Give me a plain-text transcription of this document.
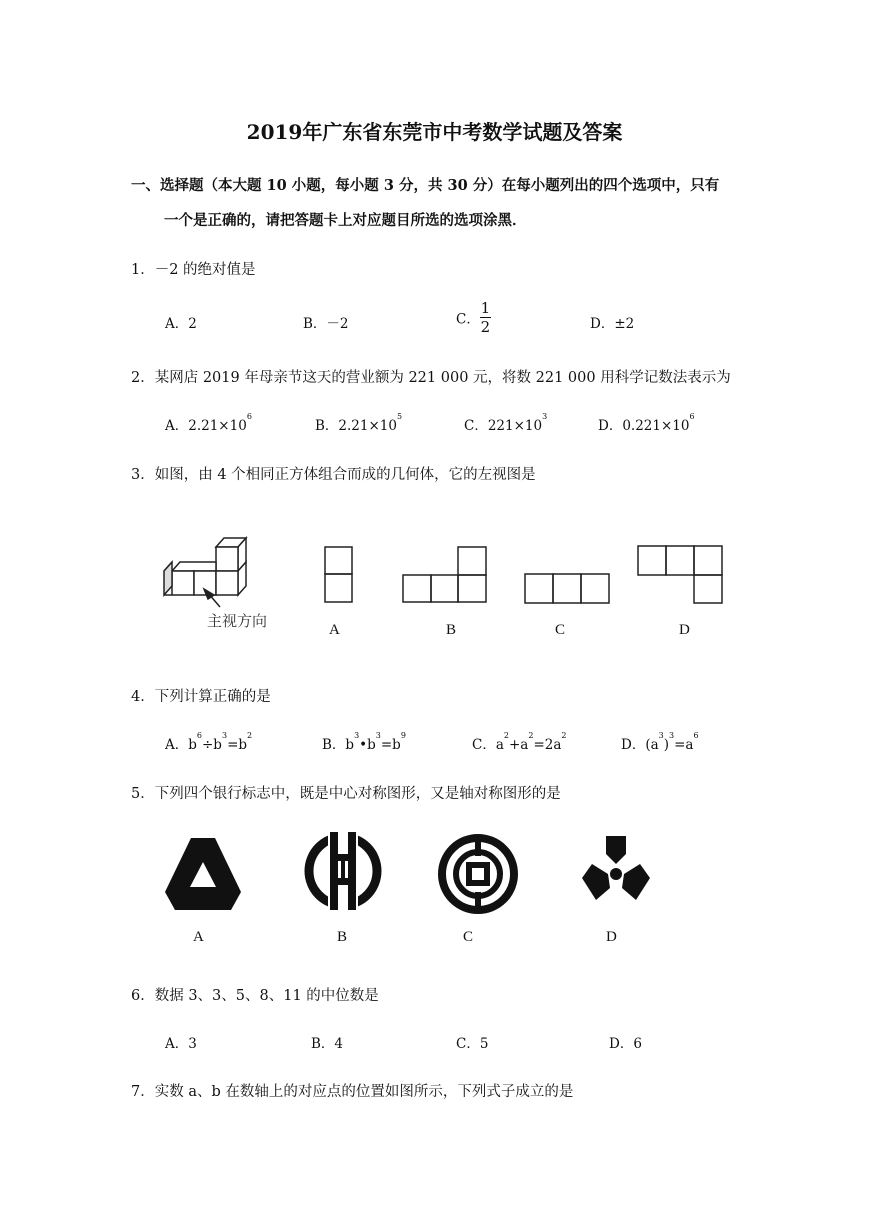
2019年广东省东莞市中考数学试题及答案
一、选择题（本大题 10 小题，每小题 3 分，共 30 分）在每小题列出的四个选项中，只有
一个是正确的，请把答题卡上对应题目所选的选项涂黑．
1．－2 的绝对值是
A．2	B．－2	C． $\frac{1}{2}$	D．±2
2．某网店 2019 年母亲节这天的营业额为 221 000 元，将数 221 000 用科学记数法表示为
A．$2.21\times 10^6$
B．$2.21\times 10^5$
C．$221\times 10^3$
D．$0.221\times 10^6$
3．如图，由 4 个相同正方体组合而成的几何体，它的左视图是
主视方向	A	B	C	D
4．下列计算正确的是
A．$b^6\div b^3=b^2$
B．$b^3•b^3=b^9$
C．$a^2+a^2=2a^2$
D．$(a^3)^3=a^6$
5．下列四个银行标志中，既是中心对称图形，又是轴对称图形的是
A	B	C	D
6．数据 3、3、5、8、11 的中位数是
A．3	B．4	C．5	D．6
7．实数 a、b 在数轴上的对应点的位置如图所示，下列式子成立的是
